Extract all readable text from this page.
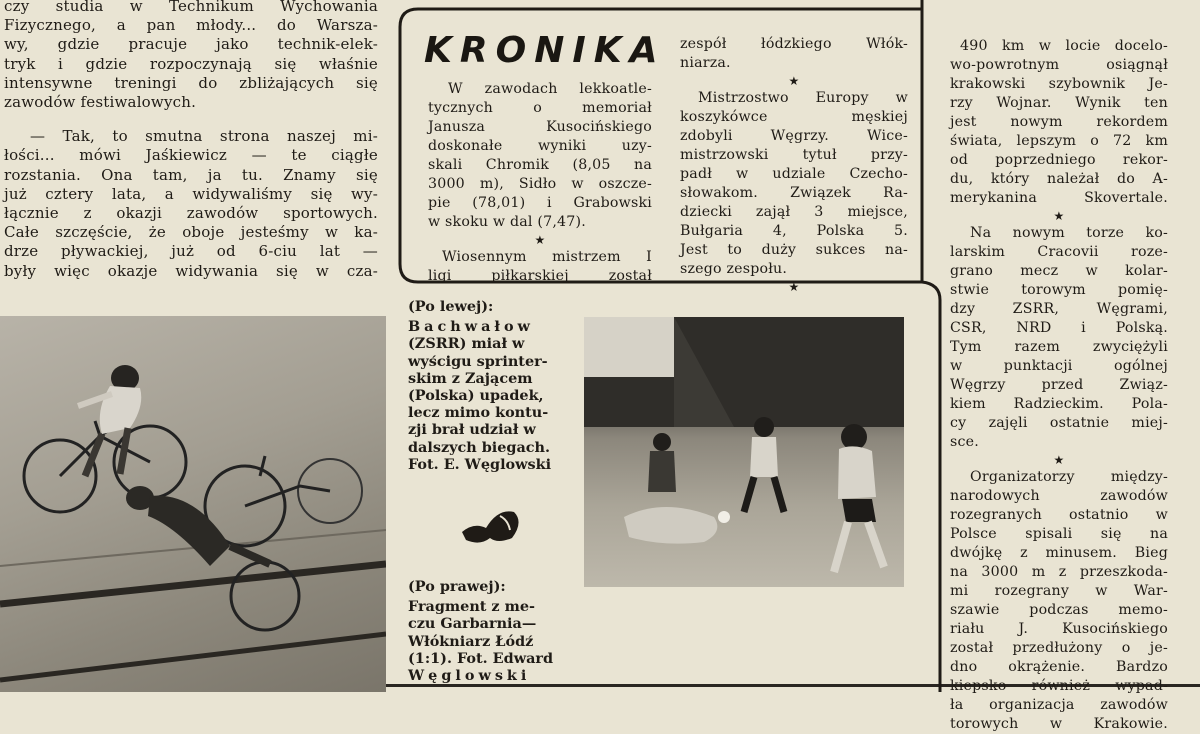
czy studia w Technikum Wychowania
Fizycznego, a pan młody... do Warsza-
wy, gdzie pracuje jako technik-elek-
tryk i gdzie rozpoczynają się właśnie
intensywne treningi do zbliżających się
zawodów festiwalowych.
— Tak, to smutna strona naszej mi-
łości... mówi Jaśkiewicz — te ciągłe
rozstania. Ona tam, ja tu. Znamy się
już cztery lata, a widywaliśmy się wy-
łącznie z okazji zawodów sportowych.
Całe szczęście, że oboje jesteśmy w ka-
drze pływackiej, już od 6-ciu lat —
były więc okazje widywania się w cza-
KRONIKA
W zawodach lekkoatle-
tycznych o memoriał
Janusza Kusocińskiego
doskonałe wyniki uzy-
skali Chromik (8,05 na
3000 m), Sidło w oszcze-
pie (78,01) i Grabowski
w skoku w dal (7,47).
★
Wiosennym mistrzem I
ligi piłkarskiej został
zespół łódzkiego Włók-
niarza.
★
Mistrzostwo Europy w
koszykówce męskiej
zdobyli Węgrzy. Wice-
mistrzowski tytuł przy-
padł w udziale Czecho-
słowakom. Związek Ra-
dziecki zajął 3 miejsce,
Bułgaria 4, Polska 5.
Jest to duży sukces na-
szego zespołu.
★
490 km w locie docelo-
wo-powrotnym osiągnął
krakowski szybownik Je-
rzy Wojnar. Wynik ten
jest nowym rekordem
świata, lepszym o 72 km
od poprzedniego rekor-
du, który należał do A-
merykanina Skovertale.
★
Na nowym torze ko-
larskim Cracovii roze-
grano mecz w kolar-
stwie torowym pomię-
dzy ZSRR, Węgrami,
CSR, NRD i Polską.
Tym razem zwyciężyli
w punktacji ogólnej
Węgrzy przed Związ-
kiem Radzieckim. Pola-
cy zajęli ostatnie miej-
sce.
★
Organizatorzy między-
narodowych zawodów
rozegranych ostatnio w
Polsce spisali się na
dwójkę z minusem. Bieg
na 3000 m z przeszkoda-
mi rozegrany w War-
szawie podczas memo-
riału J. Kusocińskiego
został przedłużony o je-
dno okrążenie. Bardzo
kiepsko również wypad-
ła organizacja zawodów
torowych w Krakowie.
(Po lewej):
Bachwałow
(ZSRR) miał w
wyścigu sprinter-
skim z Zającem
(Polska) upadek,
lecz mimo kontu-
zji brał udział w
dalszych biegach.
Fot. E. Węglowski
(Po prawej):
Fragment z me-
czu Garbarnia—
Włókniarz Łódź
(1:1). Fot. Edward
Węglowski
